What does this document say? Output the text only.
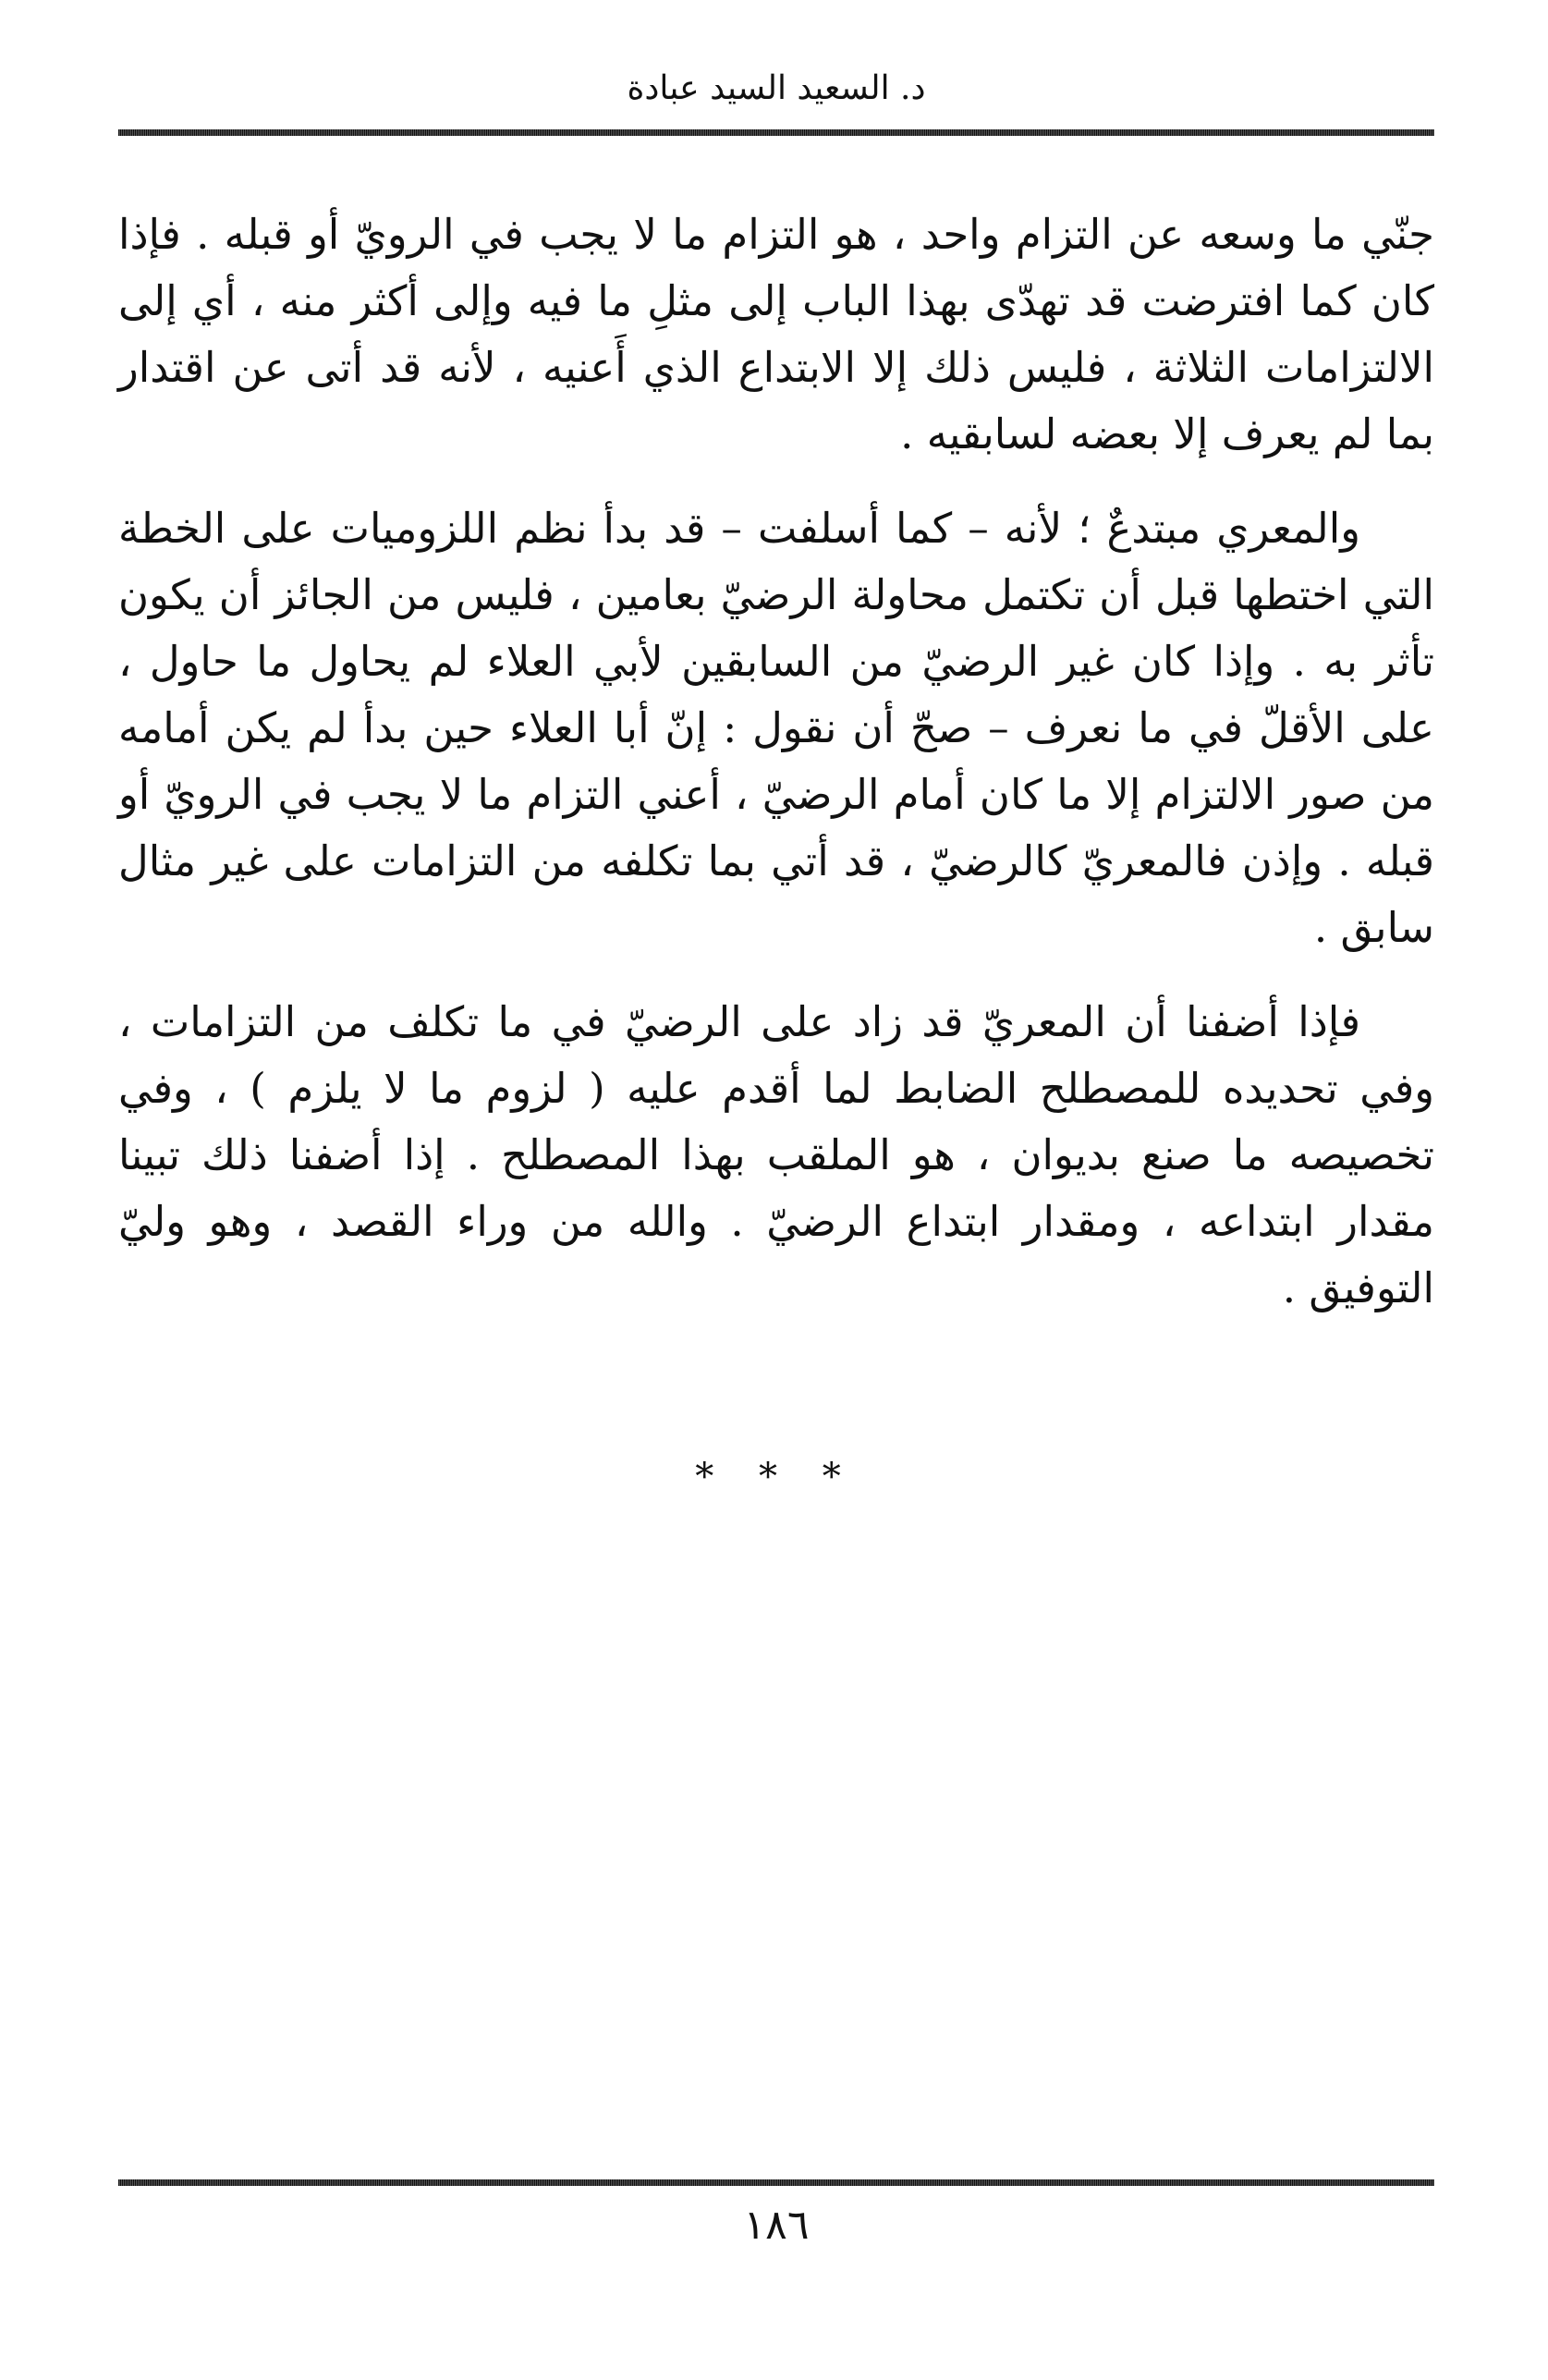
د. السعيد السيد عبادة

جنّي ما وسعه عن التزام واحد ، هو التزام ما لا يجب في الرويّ أو قبله . فإذا كان كما افترضت قد تهدّى بهذا الباب إلى مثلِ ما فيه وإلى أكثر منه ، أي إلى الالتزامات الثلاثة ، فليس ذلك إلا الابتداع الذي أَعنيه ، لأنه قد أتى عن اقتدار بما لم يعرف إلا بعضه لسابقيه .

والمعري مبتدعٌ ؛ لأنه – كما أسلفت – قد بدأ نظم اللزوميات على الخطة التي اختطها قبل أن تكتمل محاولة الرضيّ بعامين ، فليس من الجائز أن يكون تأثر به . وإذا كان غير الرضيّ من السابقين لأبي العلاء لم يحاول ما حاول ، على الأقلّ في ما نعرف – صحّ أن نقول : إنّ أبا العلاء حين بدأ لم يكن أمامه من صور الالتزام إلا ما كان أمام الرضيّ ، أعني التزام ما لا يجب في الرويّ أو قبله . وإذن فالمعريّ كالرضيّ ، قد أتي بما تكلفه من التزامات على غير مثال سابق .

فإذا أضفنا أن المعريّ قد زاد على الرضيّ في ما تكلف من التزامات ، وفي تحديده للمصطلح الضابط لما أقدم عليه ( لزوم ما لا يلزم ) ، وفي تخصيصه ما صنع بديوان ، هو الملقب بهذا المصطلح . إذا أضفنا ذلك تبينا مقدار ابتداعه ، ومقدار ابتداع الرضيّ . والله من وراء القصد ، وهو وليّ التوفيق .

* * *
١٨٦
